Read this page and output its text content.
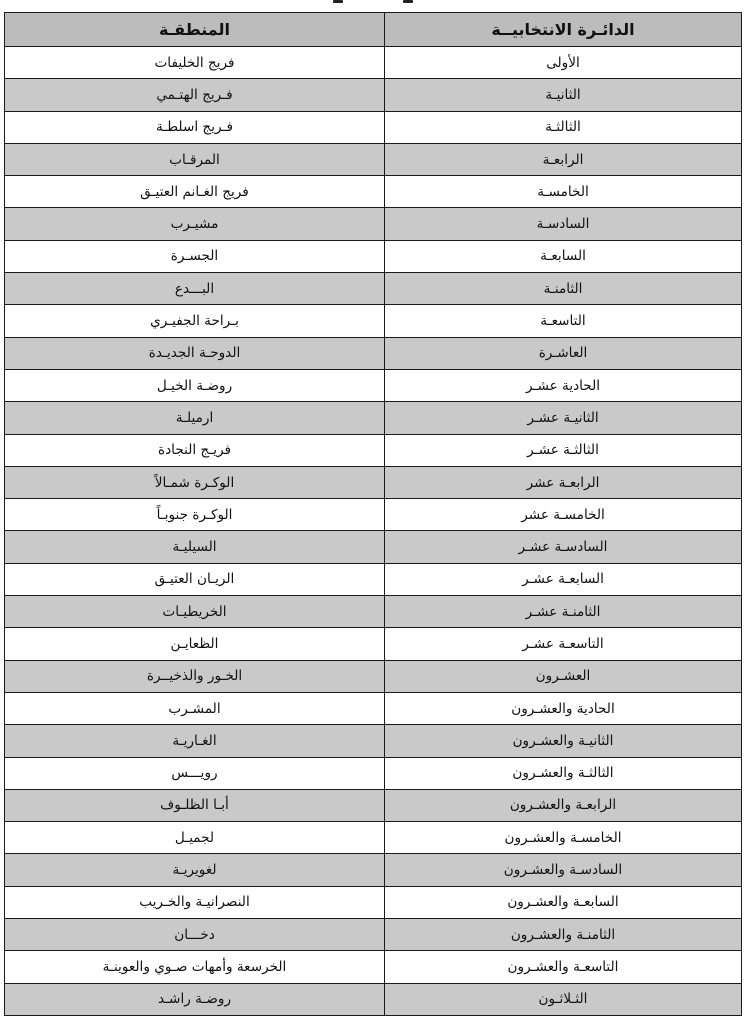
المنطقـة	الدائـرة الانتخابيــة
فريج الخليفات	الأولى
فـريج الهتـمي	الثانيـة
فـريج اسلطـة	الثالثـة
المرقـاب	الرابعـة
فريج الغـانم العتيـق	الخامسـة
مشيـرب	السادسـة
الجسـرة	السابعـة
البـــدع	الثامنـة
بـراحة الجفيـري	التاسعـة
الدوحـة الجديـدة	العاشـرة
روضـة الخيـل	الحادية عشـر
ارميلـة	الثانيـة عشـر
فريـج النجادة	الثالثـة عشـر
الوكـرة شمـالاً	الرابعـة عشر
الوكـرة جنوبـاً	الخامسـة عشر
السيليـة	السادسـة عشـر
الريـان العتيـق	السابعـة عشـر
الخريطيـات	الثامنـة عشـر
الظعايـن	التاسعـة عشـر
الخـور والذخيــرة	العشـرون
المشـرب	الحادية والعشـرون
الغـاريـة	الثانيـة والعشـرون
رويـــس	الثالثـة والعشـرون
أبـا الظلـوف	الرابعـة والعشـرون
لجميـل	الخامسـة والعشـرون
لغويريـة	السادسـة والعشـرون
النصرانيـة والخـريب	السابعـة والعشـرون
دخـــان	الثامنـة والعشـرون
الخرسعة وأمهات صـوي والعوينـة	التاسعـة والعشـرون
روضـة راشـد	الثـلاثـون
